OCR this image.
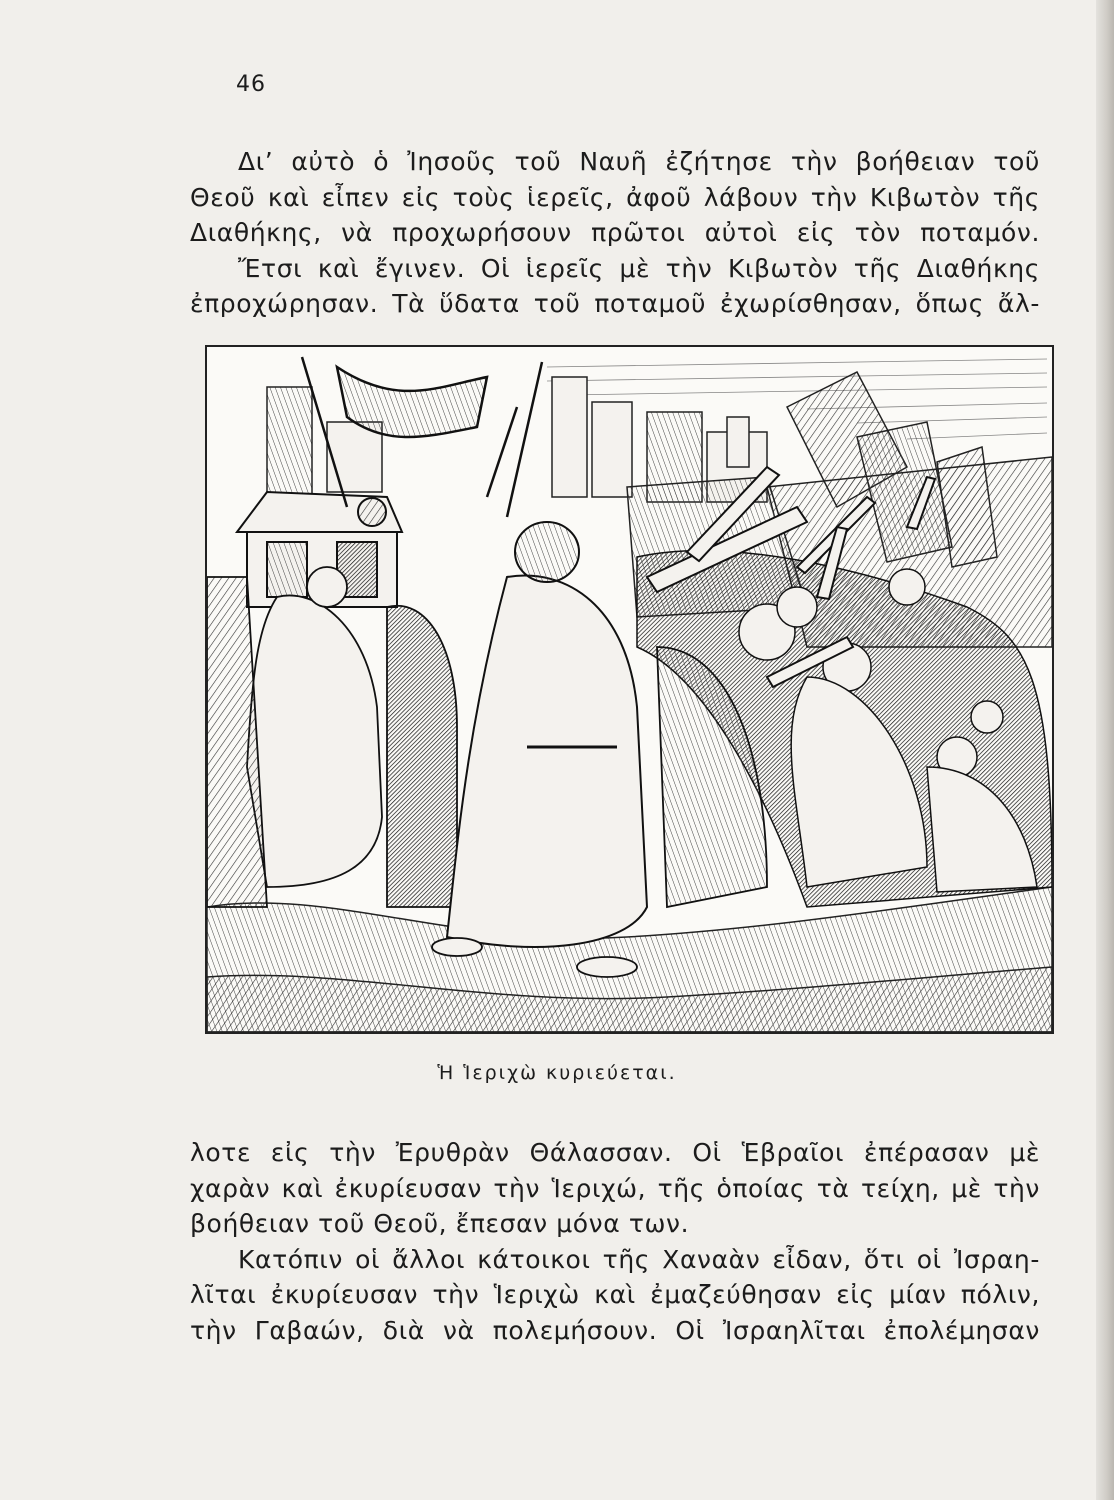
46
Δι’ αὐτὸ ὁ Ἰησοῦς τοῦ Ναυῆ ἐζήτησε τὴν βοήθειαν τοῦ
Θεοῦ καὶ εἶπεν εἰς τοὺς ἱερεῖς, ἀφοῦ λάβουν τὴν Κιβωτὸν τῆς
Διαθήκης, νὰ προχωρήσουν πρῶτοι αὐτοὶ εἰς τὸν ποταμόν.
Ἔτσι καὶ ἔγινεν. Οἱ ἱερεῖς μὲ τὴν Κιβωτὸν τῆς Διαθήκης
ἐπροχώρησαν. Τὰ ὕδατα τοῦ ποταμοῦ ἐχωρίσθησαν, ὅπως ἄλ-
Ἡ Ἱεριχὼ κυριεύεται.
λοτε εἰς τὴν Ἐρυθρὰν Θάλασσαν. Οἱ Ἑβραῖοι ἐπέρασαν μὲ
χαρὰν καὶ ἐκυρίευσαν τὴν Ἱεριχώ, τῆς ὁποίας τὰ τείχη, μὲ τὴν
βοήθειαν τοῦ Θεοῦ, ἔπεσαν μόνα των.
Κατόπιν οἱ ἄλλοι κάτοικοι τῆς Χαναὰν εἶδαν, ὅτι οἱ Ἰσραη-
λῖται ἐκυρίευσαν τὴν Ἱεριχὼ καὶ ἐμαζεύθησαν εἰς μίαν πόλιν,
τὴν Γαβαών, διὰ νὰ πολεμήσουν. Οἱ Ἰσραηλῖται ἐπολέμησαν
